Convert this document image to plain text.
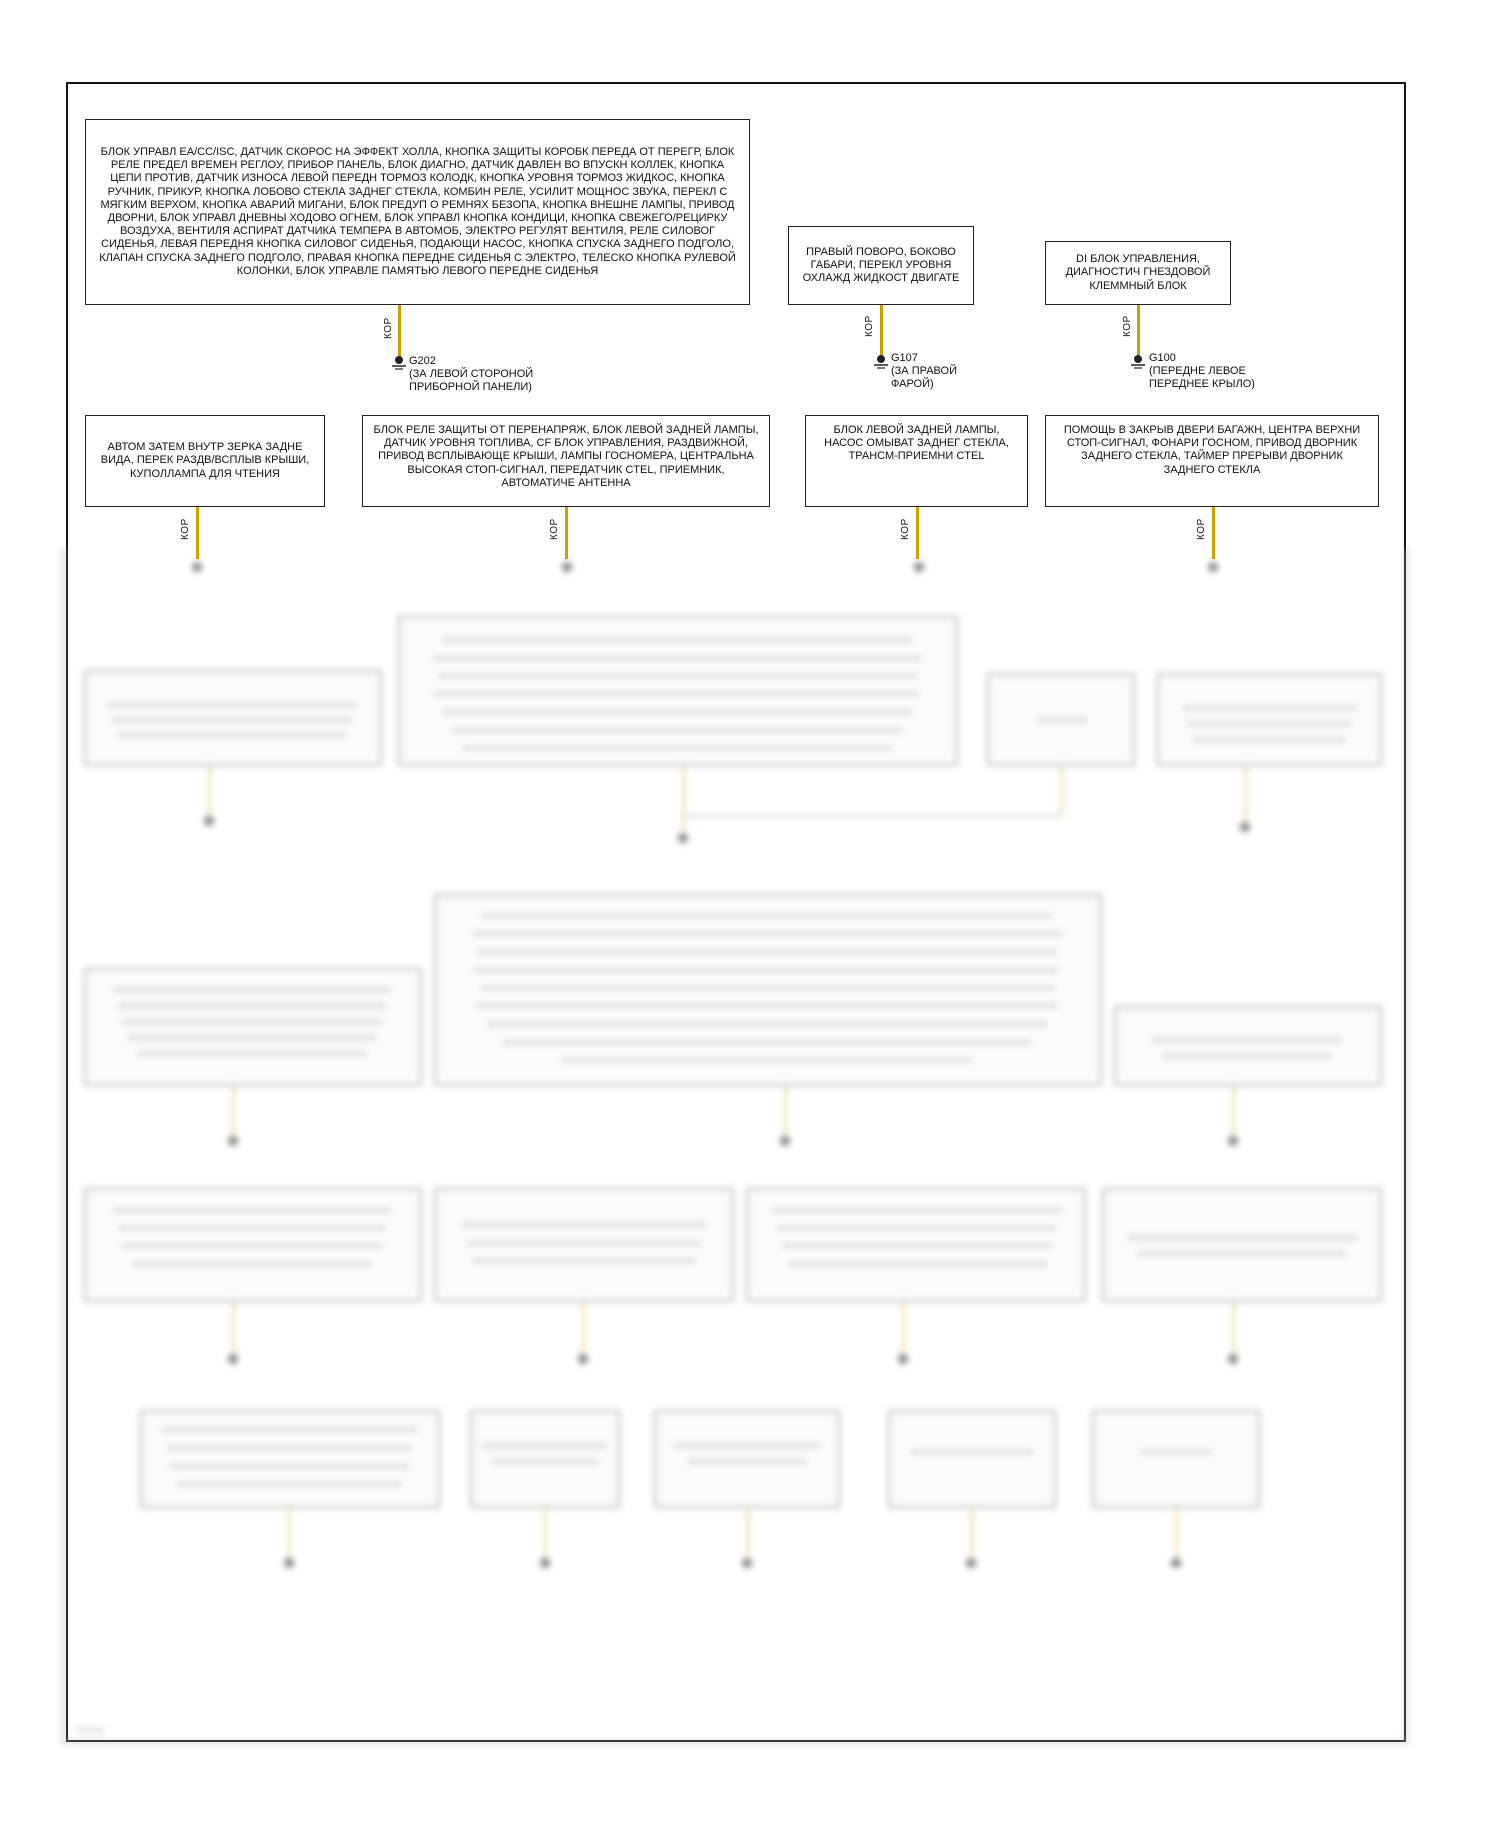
БЛОК УПРАВЛ EA/CC/ISC, ДАТЧИК СКОРОС НА ЭФФЕКТ ХОЛЛА, КНОПКА ЗАЩИТЫ КОРОБК ПЕРЕДА ОТ ПЕРЕГР, БЛОК РЕЛЕ ПРЕДЕЛ ВРЕМЕН РЕГЛОУ, ПРИБОР ПАНЕЛЬ, БЛОК ДИАГНО, ДАТЧИК ДАВЛЕН ВО ВПУСКН КОЛЛЕК, КНОПКА ЦЕПИ ПРОТИВ, ДАТЧИК ИЗНОСА ЛЕВОЙ ПЕРЕДН ТОРМОЗ КОЛОДК, КНОПКА УРОВНЯ ТОРМОЗ ЖИДКОС, КНОПКА РУЧНИК, ПРИКУР, КНОПКА ЛОБОВО СТЕКЛА ЗАДНЕГ СТЕКЛА, КОМБИН РЕЛЕ, УСИЛИТ МОЩНОС ЗВУКА, ПЕРЕКЛ С МЯГКИМ ВЕРХОМ, КНОПКА АВАРИЙ МИГАНИ, БЛОК ПРЕДУП О РЕМНЯХ БЕЗОПА, КНОПКА ВНЕШНЕ ЛАМПЫ, ПРИВОД ДВОРНИ, БЛОК УПРАВЛ ДНЕВНЫ ХОДОВО ОГНЕМ, БЛОК УПРАВЛ КНОПКА КОНДИЦИ, КНОПКА СВЕЖЕГО/РЕЦИРКУ ВОЗДУХА, ВЕНТИЛЯ АСПИРАТ ДАТЧИКА ТЕМПЕРА В АВТОМОБ, ЭЛЕКТРО РЕГУЛЯТ ВЕНТИЛЯ, РЕЛЕ СИЛОВОГ СИДЕНЬЯ, ЛЕВАЯ ПЕРЕДНЯ КНОПКА СИЛОВОГ СИДЕНЬЯ, ПОДАЮЩИ НАСОС, КНОПКА СПУСКА ЗАДНЕГО ПОДГОЛО, КЛАПАН СПУСКА ЗАДНЕГО ПОДГОЛО, ПРАВАЯ КНОПКА ПЕРЕДНЕ СИДЕНЬЯ С ЭЛЕКТРО, ТЕЛЕСКО КНОПКА РУЛЕВОЙ КОЛОНКИ, БЛОК УПРАВЛЕ ПАМЯТЬЮ ЛЕВОГО ПЕРЕДНЕ СИДЕНЬЯ
КОР
G202
(ЗА ЛЕВОЙ СТОРОНОЙ
ПРИБОРНОЙ ПАНЕЛИ)
ПРАВЫЙ ПОВОРО, БОКОВО ГАБАРИ, ПЕРЕКЛ УРОВНЯ ОХЛАЖД ЖИДКОСТ ДВИГАТЕ
КОР
G107
(ЗА ПРАВОЙ
ФАРОЙ)
DI БЛОК УПРАВЛЕНИЯ, ДИАГНОСТИЧ ГНЕЗДОВОЙ КЛЕММНЫЙ БЛОК
КОР
G100
(ПЕРЕДНЕ ЛЕВОЕ
ПЕРЕДНЕЕ КРЫЛО)
АВТОМ ЗАТЕМ ВНУТР ЗЕРКА ЗАДНЕ ВИДА, ПЕРЕК РАЗДВ/ВСПЛЫВ КРЫШИ, КУПОЛЛАМПА ДЛЯ ЧТЕНИЯ
КОР
БЛОК РЕЛЕ ЗАЩИТЫ ОТ ПЕРЕНАПРЯЖ, БЛОК ЛЕВОЙ ЗАДНЕЙ ЛАМПЫ, ДАТЧИК УРОВНЯ ТОПЛИВА, CF БЛОК УПРАВЛЕНИЯ, РАЗДВИЖНОЙ, ПРИВОД ВСПЛЫВАЮЩЕ КРЫШИ, ЛАМПЫ ГОСНОМЕРА, ЦЕНТРАЛЬНА ВЫСОКАЯ СТОП-СИГНАЛ, ПЕРЕДАТЧИК CTEL, ПРИЕМНИК, АВТОМАТИЧЕ АНТЕННА
КОР
БЛОК ЛЕВОЙ ЗАДНЕЙ ЛАМПЫ, НАСОС ОМЫВАТ ЗАДНЕГ СТЕКЛА, ТРАНСМ-ПРИЕМНИ CTEL
КОР
ПОМОЩЬ В ЗАКРЫВ ДВЕРИ БАГАЖН, ЦЕНТРА ВЕРХНИ СТОП-СИГНАЛ, ФОНАРИ ГОСНОМ, ПРИВОД ДВОРНИК ЗАДНЕГО СТЕКЛА, ТАЙМЕР ПРЕРЫВИ ДВОРНИК ЗАДНЕГО СТЕКЛА
КОР
